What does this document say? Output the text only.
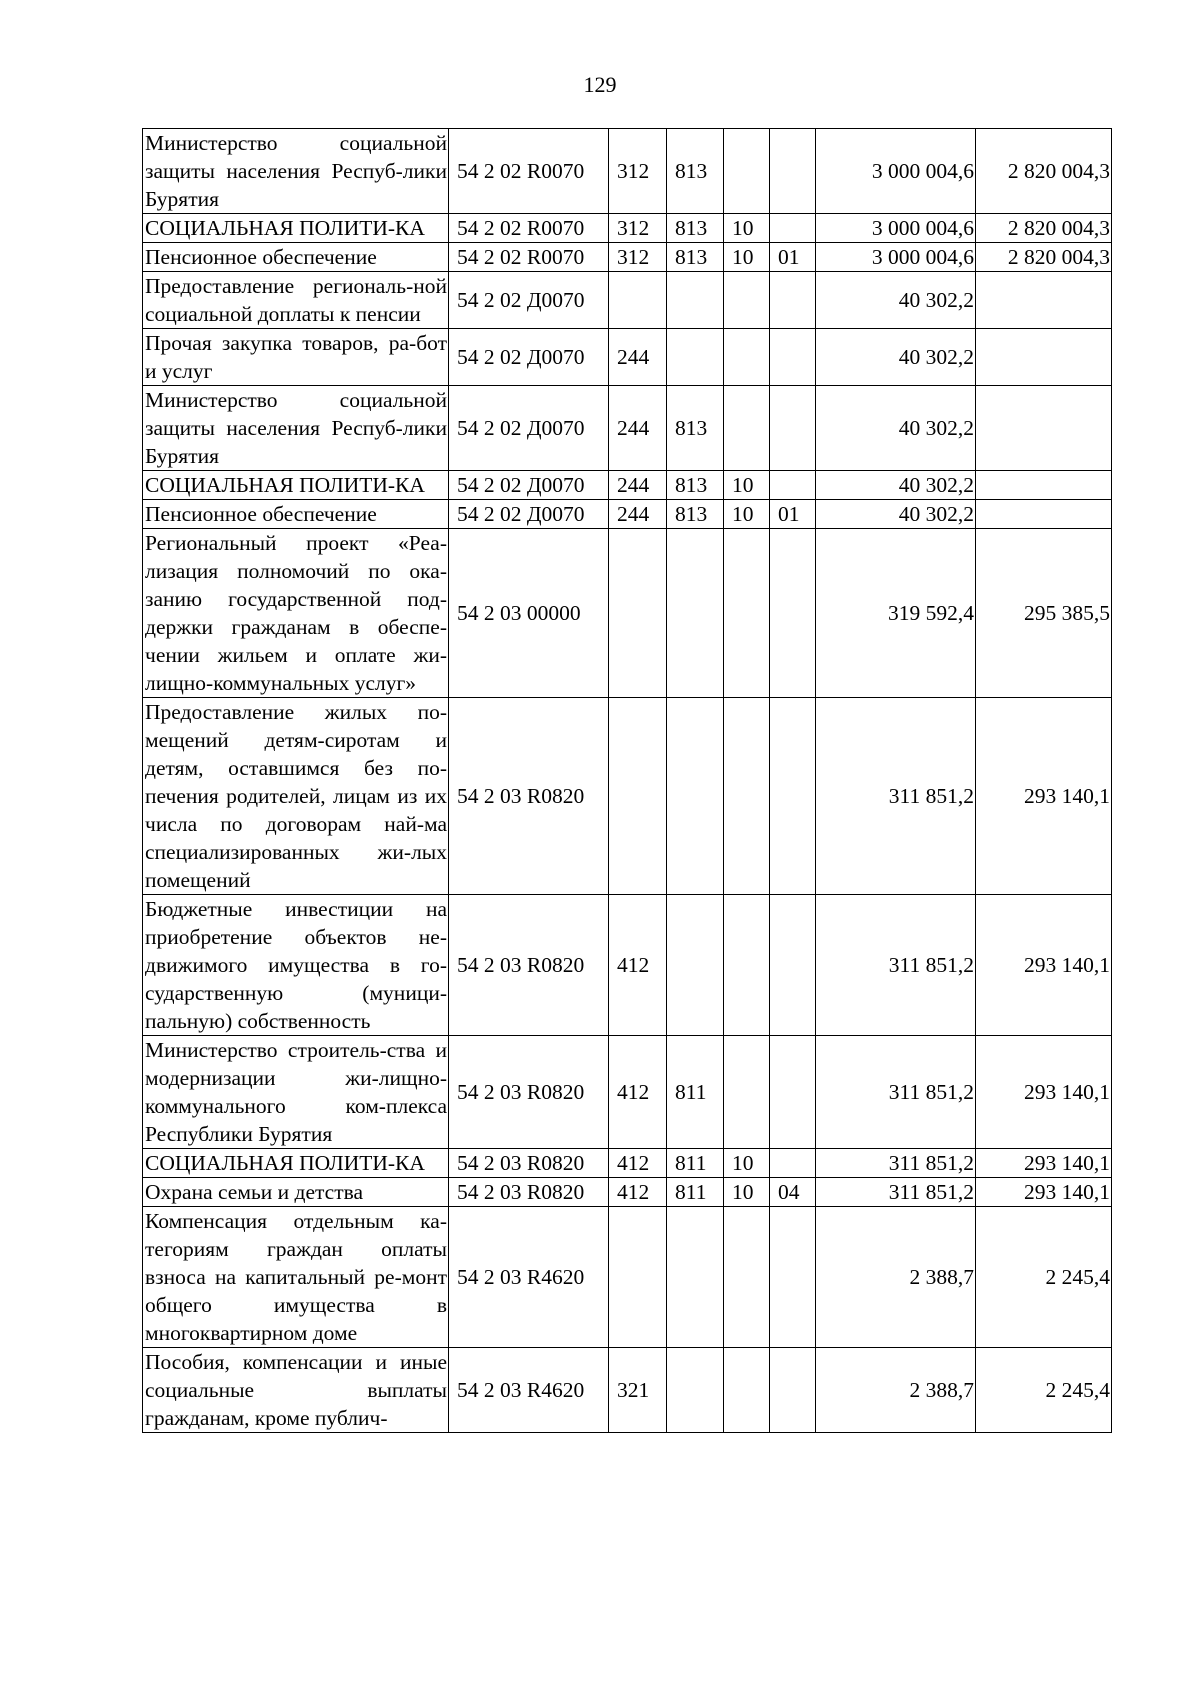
129
Министерство социальной защиты населения Респуб-лики Бурятия	54 2 02 R0070	312	813			3 000 004,6	2 820 004,3
СОЦИАЛЬНАЯ ПОЛИТИ-КА	54 2 02 R0070	312	813	10		3 000 004,6	2 820 004,3
Пенсионное обеспечение	54 2 02 R0070	312	813	10	01	3 000 004,6	2 820 004,3
Предоставление региональ-ной социальной доплаты к пенсии	54 2 02 Д0070					40 302,2	
Прочая закупка товаров, ра-бот и услуг	54 2 02 Д0070	244				40 302,2	
Министерство социальной защиты населения Респуб-лики Бурятия	54 2 02 Д0070	244	813			40 302,2	
СОЦИАЛЬНАЯ ПОЛИТИ-КА	54 2 02 Д0070	244	813	10		40 302,2	
Пенсионное обеспечение	54 2 02 Д0070	244	813	10	01	40 302,2	
Региональный проект «Реа-лизация полномочий по ока-занию государственной под-держки гражданам в обеспе-чении жильем и оплате жи-лищно-коммунальных услуг»	54 2 03 00000					319 592,4	295 385,5
Предоставление жилых по-мещений детям-сиротам и детям, оставшимся без по-печения родителей, лицам из их числа по договорам най-ма специализированных жи-лых помещений	54 2 03 R0820					311 851,2	293 140,1
Бюджетные инвестиции на приобретение объектов не-движимого имущества в го-сударственную (муници-пальную) собственность	54 2 03 R0820	412				311 851,2	293 140,1
Министерство строитель-ства и модернизации жи-лищно-коммунального ком-плекса Республики Бурятия	54 2 03 R0820	412	811			311 851,2	293 140,1
СОЦИАЛЬНАЯ ПОЛИТИ-КА	54 2 03 R0820	412	811	10		311 851,2	293 140,1
Охрана семьи и детства	54 2 03 R0820	412	811	10	04	311 851,2	293 140,1
Компенсация отдельным ка-тегориям граждан оплаты взноса на капитальный ре-монт общего имущества в многоквартирном доме	54 2 03 R4620					2 388,7	2 245,4
Пособия, компенсации и иные социальные выплаты гражданам, кроме публич-	54 2 03 R4620	321				2 388,7	2 245,4
